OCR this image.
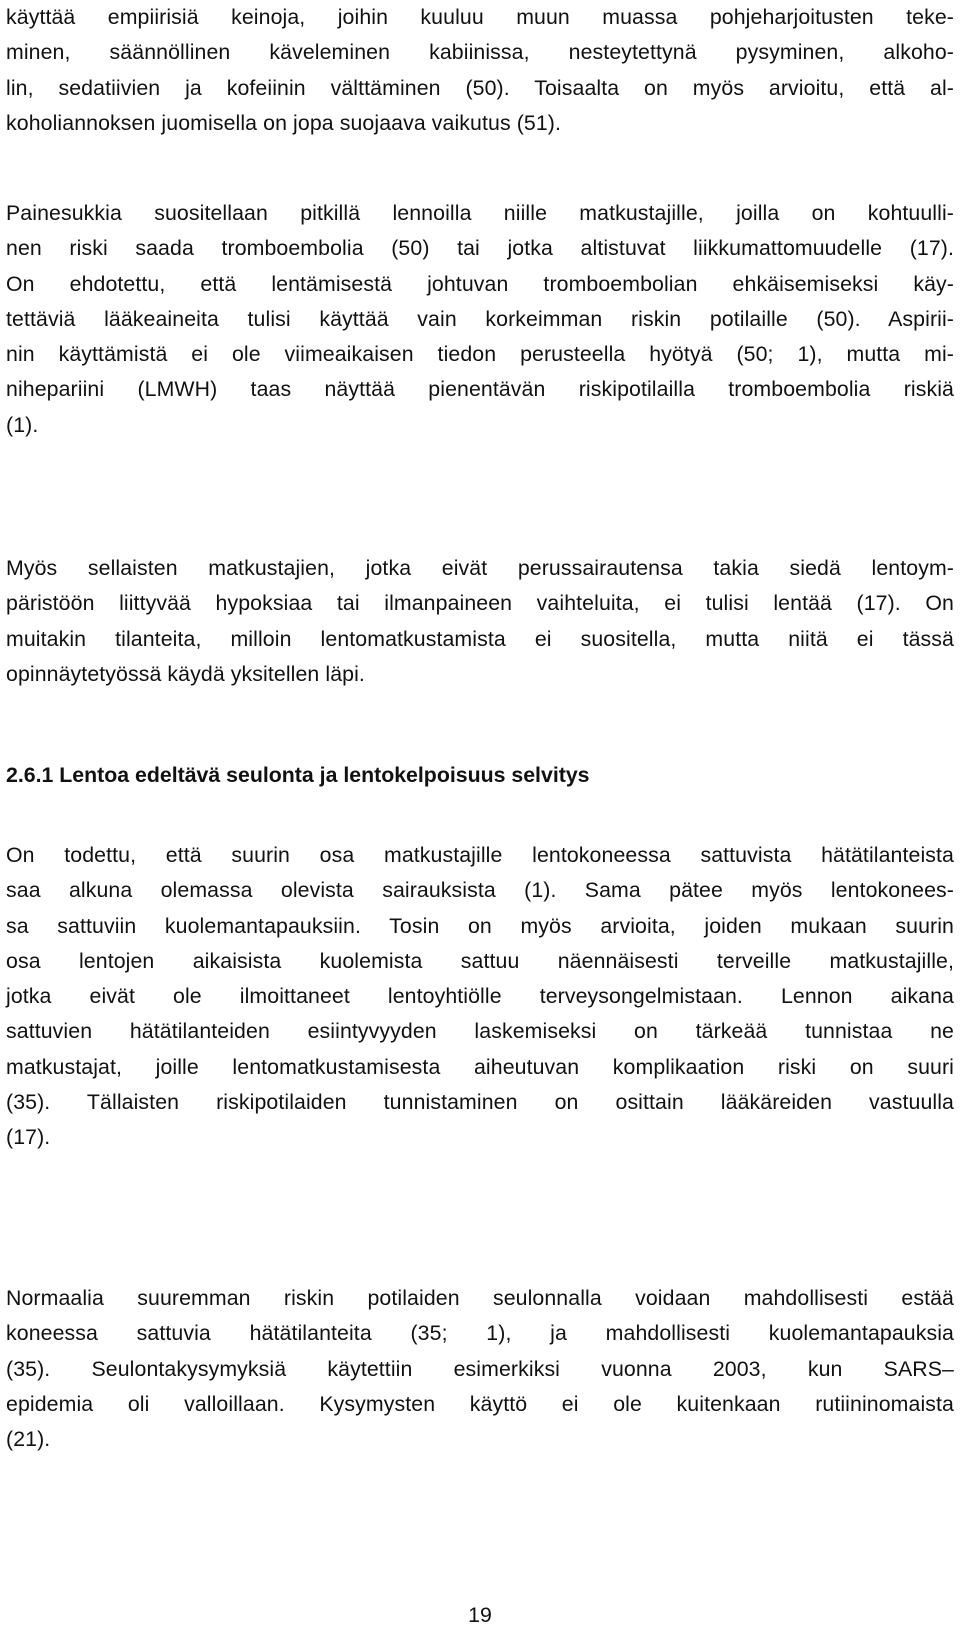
käyttää empiirisiä keinoja, joihin kuuluu muun muassa pohjeharjoitusten teke-
minen, säännöllinen käveleminen kabiinissa, nesteytettynä pysyminen, alkoho-
lin, sedatiivien ja kofeiinin välttäminen (50). Toisaalta on myös arvioitu, että al-
koholiannoksen juomisella on jopa suojaava vaikutus (51).
Painesukkia suositellaan pitkillä lennoilla niille matkustajille, joilla on kohtuulli-
nen riski saada tromboembolia (50) tai jotka altistuvat liikkumattomuudelle (17).
On ehdotettu, että lentämisestä johtuvan tromboembolian ehkäisemiseksi käy-
tettäviä lääkeaineita tulisi käyttää vain korkeimman riskin potilaille (50). Aspirii-
nin käyttämistä ei ole viimeaikaisen tiedon perusteella hyötyä (50; 1), mutta mi-
nihepariini (LMWH) taas näyttää pienentävän riskipotilailla tromboembolia riskiä
(1).
Myös sellaisten matkustajien, jotka eivät perussairautensa takia siedä lentoym-
päristöön liittyvää hypoksiaa tai ilmanpaineen vaihteluita, ei tulisi lentää (17). On
muitakin tilanteita, milloin lentomatkustamista ei suositella, mutta niitä ei tässä
opinnäytetyössä käydä yksitellen läpi.
2.6.1 Lentoa edeltävä seulonta ja lentokelpoisuus selvitys
On todettu, että suurin osa matkustajille lentokoneessa sattuvista hätätilanteista
saa alkuna olemassa olevista sairauksista (1). Sama pätee myös lentokonees-
sa sattuviin kuolemantapauksiin. Tosin on myös arvioita, joiden mukaan suurin
osa lentojen aikaisista kuolemista sattuu näennäisesti terveille matkustajille,
jotka eivät ole ilmoittaneet lentoyhtiölle terveysongelmistaan. Lennon aikana
sattuvien hätätilanteiden esiintyvyyden laskemiseksi on tärkeää tunnistaa ne
matkustajat, joille lentomatkustamisesta aiheutuvan komplikaation riski on suuri
(35). Tällaisten riskipotilaiden tunnistaminen on osittain lääkäreiden vastuulla
(17).
Normaalia suuremman riskin potilaiden seulonnalla voidaan mahdollisesti estää
koneessa sattuvia hätätilanteita (35; 1), ja mahdollisesti kuolemantapauksia
(35). Seulontakysymyksiä käytettiin esimerkiksi vuonna 2003, kun SARS–
epidemia oli valloillaan. Kysymysten käyttö ei ole kuitenkaan rutiininomaista
(21).
19
